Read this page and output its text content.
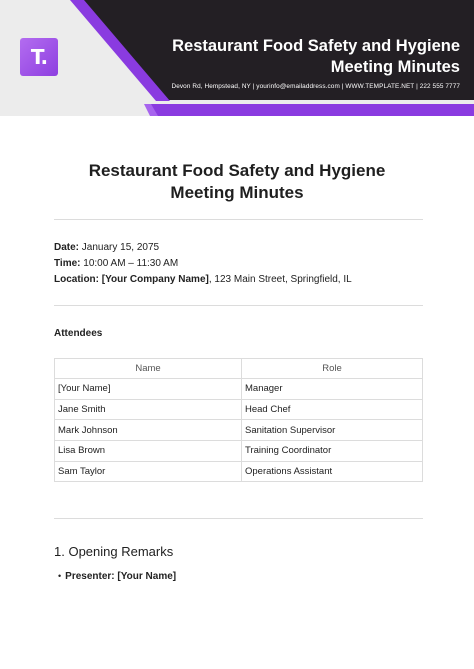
T.	Restaurant Food Safety and Hygiene
Meeting Minutes
Devon Rd, Hempstead, NY | yourinfo@emailaddress.com | WWW.TEMPLATE.NET | 222 555 7777
Restaurant Food Safety and Hygiene
Meeting Minutes
Date: January 15, 2075
Time: 10:00 AM – 11:30 AM
Location: [Your Company Name], 123 Main Street, Springfield, IL
Attendees
Name	Role
[Your Name]	Manager
Jane Smith	Head Chef
Mark Johnson	Sanitation Supervisor
Lisa Brown	Training Coordinator
Sam Taylor	Operations Assistant
1. Opening Remarks
• Presenter: [Your Name]
